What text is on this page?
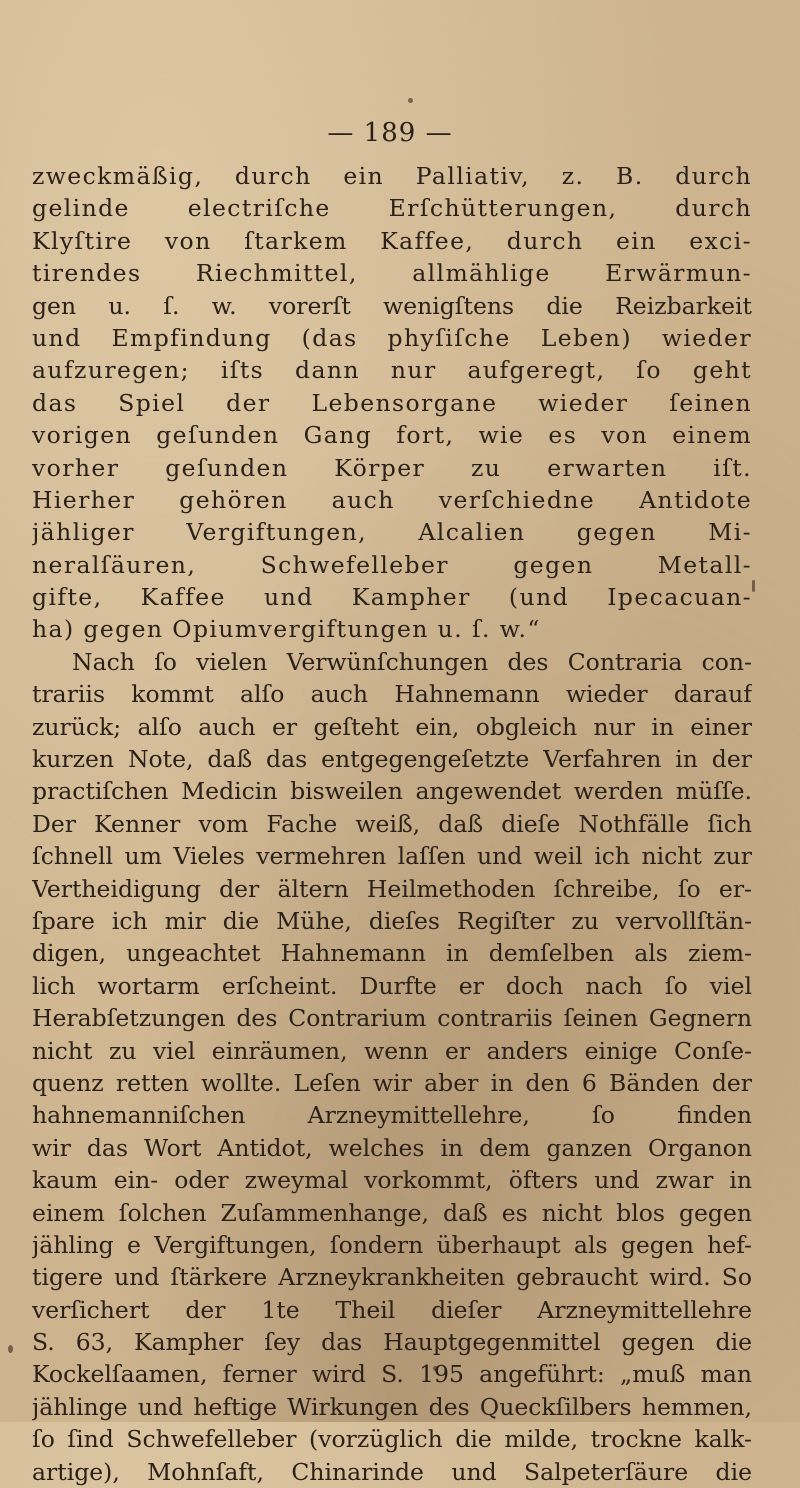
— 189 —
zweckmäßig, durch ein Palliativ, z. B. durch
gelinde electriſche Erſchütterungen, durch
Klyſtire von ſtarkem Kaffee, durch ein exci-
tirendes Riechmittel, allmählige Erwärmun-
gen u. ſ. w. vorerſt wenigſtens die Reizbarkeit
und Empfindung (das phyſiſche Leben) wieder
aufzuregen; iſts dann nur aufgeregt, ſo geht
das Spiel der Lebensorgane wieder ſeinen
vorigen geſunden Gang fort, wie es von einem
vorher geſunden Körper zu erwarten iſt.
Hierher gehören auch verſchiedne Antidote
jähliger Vergiftungen, Alcalien gegen Mi-
neralſäuren, Schwefelleber gegen Metall-
gifte, Kaffee und Kampher (und Ipecacuan-
ha) gegen Opiumvergiftungen u. ſ. w.“
Nach ſo vielen Verwünſchungen des Contraria con-
trariis kommt alſo auch Hahnemann wieder darauf
zurück; alſo auch er geſteht ein, obgleich nur in einer
kurzen Note, daß das entgegengeſetzte Verfahren in der
practiſchen Medicin bisweilen angewendet werden müſſe.
Der Kenner vom Fache weiß, daß dieſe Nothfälle ſich
ſchnell um Vieles vermehren laſſen und weil ich nicht zur
Vertheidigung der ältern Heilmethoden ſchreibe, ſo er-
ſpare ich mir die Mühe, dieſes Regiſter zu vervollſtän-
digen, ungeachtet Hahnemann in demſelben als ziem-
lich wortarm erſcheint. Durfte er doch nach ſo viel
Herabſetzungen des Contrarium contrariis ſeinen Gegnern
nicht zu viel einräumen, wenn er anders einige Conſe-
quenz retten wollte. Leſen wir aber in den 6 Bänden der
hahnemanniſchen Arzneymittellehre, ſo finden
wir das Wort Antidot, welches in dem ganzen Organon
kaum ein- oder zweymal vorkommt, öfters und zwar in
einem ſolchen Zuſammenhange, daß es nicht blos gegen
jähling e Vergiftungen, ſondern überhaupt als gegen hef-
tigere und ſtärkere Arzneykrankheiten gebraucht wird. So
verſichert der 1te Theil dieſer Arzneymittellehre
S. 63, Kampher ſey das Hauptgegenmittel gegen die
Kockelſaamen, ferner wird S. 195 angeführt: „muß man
jählinge und heftige Wirkungen des Queckſilbers hemmen,
ſo ſind Schwefelleber (vorzüglich die milde, trockne kalk-
artige), Mohnſaft, Chinarinde und Salpeterſäure die
